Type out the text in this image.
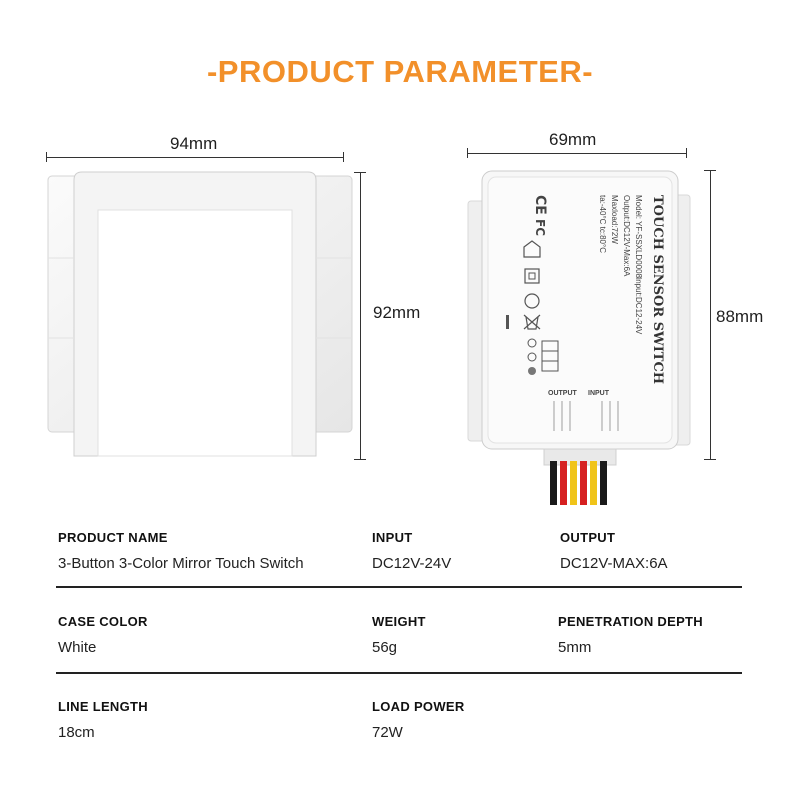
-PRODUCT PARAMETER-
94mm
92mm
69mm
88mm
TOUCH SENSOR SWITCH
Model: YF-SSXLD0008
Input:DC12-24V
Output:DC12V-Max:6A
Maxload:72W
ta:-40°C tc:80°C
CE
FC
OUTPUT INPUT
PRODUCT NAME
3-Button 3-Color Mirror Touch Switch
INPUT
DC12V-24V
OUTPUT
DC12V-MAX:6A
CASE COLOR
White
WEIGHT
56g
PENETRATION DEPTH
5mm
LINE LENGTH
18cm
LOAD POWER
72W
